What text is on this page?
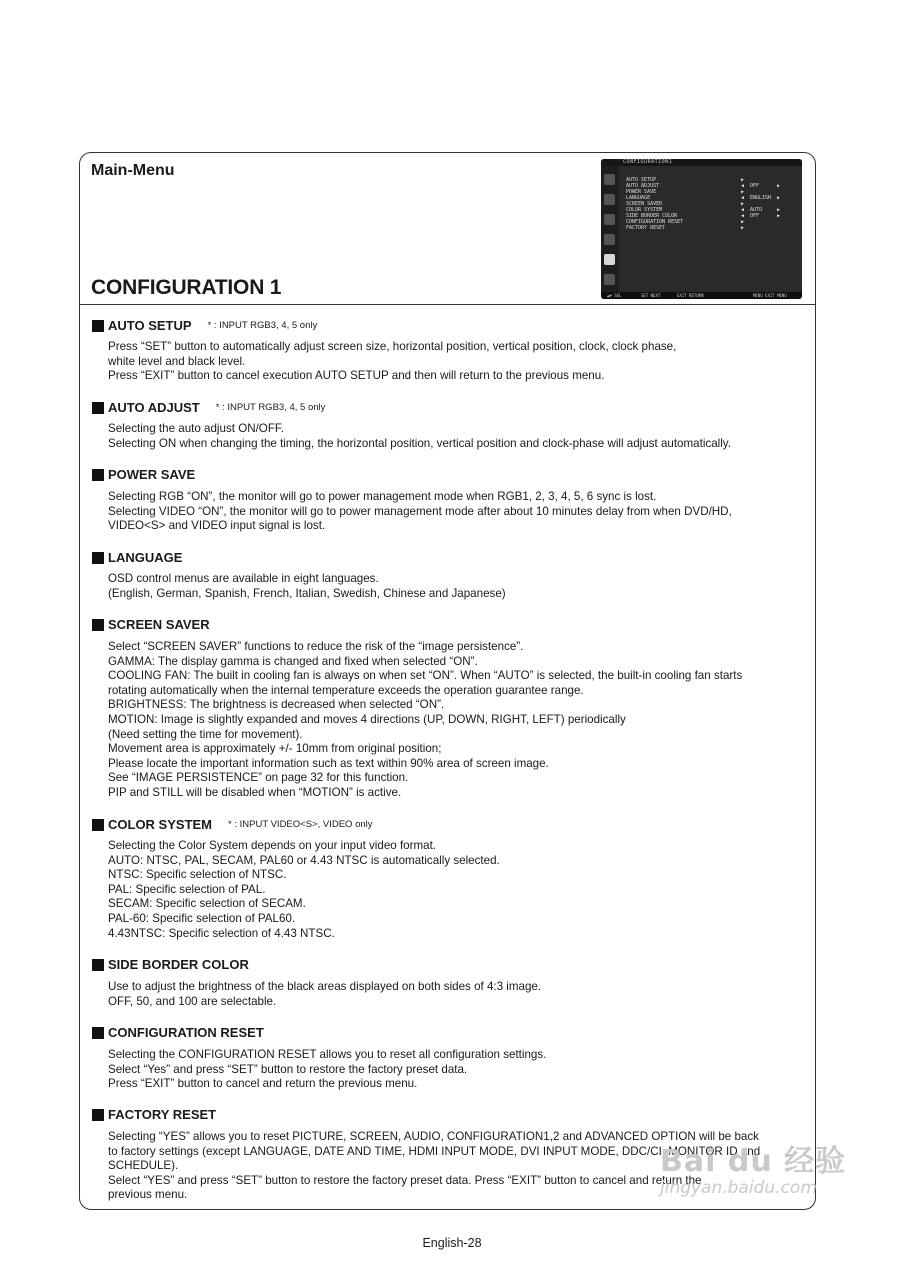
Main-Menu
CONFIGURATION 1
CONFIGURATION1
AUTO SETUP	▶
AUTO ADJUST	◀ OFF	▶
POWER SAVE	▶
LANGUAGE	◀ ENGLISH ▶
SCREEN SAVER	▶
COLOR SYSTEM	◀ AUTO	▶
SIDE BORDER COLOR	◀ OFF	▶
CONFIGURATION RESET	▶
FACTORY RESET	▶
▲▼ SEL	SET NEXT	EXIT RETURN	MENU EXIT MENU
AUTO SETUP * : INPUT RGB3, 4, 5 only

Press “SET” button to automatically adjust screen size, horizontal position, vertical position, clock, clock phase,

white level and black level.

Press “EXIT” button to cancel execution AUTO SETUP and then will return to the previous menu.

AUTO ADJUST * : INPUT RGB3, 4, 5 only

Selecting the auto adjust ON/OFF.

Selecting ON when changing the timing, the horizontal position, vertical position and clock-phase will adjust automatically.

POWER SAVE

Selecting RGB “ON”, the monitor will go to power management mode when RGB1, 2, 3, 4, 5, 6 sync is lost.

Selecting VIDEO “ON”, the monitor will go to power management mode after about 10 minutes delay from when DVD/HD,

VIDEO<S> and VIDEO input signal is lost.

LANGUAGE

OSD control menus are available in eight languages.

(English, German, Spanish, French, Italian, Swedish, Chinese and Japanese)

SCREEN SAVER

Select “SCREEN SAVER” functions to reduce the risk of the “image persistence”.

GAMMA: The display gamma is changed and fixed when selected “ON”.

COOLING FAN: The built in cooling fan is always on when set “ON”. When “AUTO” is selected, the built-in cooling fan starts

rotating automatically when the internal temperature exceeds the operation guarantee range.

BRIGHTNESS: The brightness is decreased when selected “ON”.

MOTION: Image is slightly expanded and moves 4 directions (UP, DOWN, RIGHT, LEFT) periodically

(Need setting the time for movement).

Movement area is approximately +/- 10mm from original position;

Please locate the important information such as text within 90% area of screen image.

See “IMAGE PERSISTENCE” on page 32 for this function.

PIP and STILL will be disabled when “MOTION” is active.

COLOR SYSTEM * : INPUT VIDEO<S>, VIDEO only

Selecting the Color System depends on your input video format.

AUTO: NTSC, PAL, SECAM, PAL60 or 4.43 NTSC is automatically selected.

NTSC: Specific selection of NTSC.

PAL: Specific selection of PAL.

SECAM: Specific selection of SECAM.

PAL-60: Specific selection of PAL60.

4.43NTSC: Specific selection of 4.43 NTSC.

SIDE BORDER COLOR

Use to adjust the brightness of the black areas displayed on both sides of 4:3 image.

OFF, 50, and 100 are selectable.

CONFIGURATION RESET

Selecting the CONFIGURATION RESET allows you to reset all configuration settings.

Select “Yes” and press “SET” button to restore the factory preset data.

Press “EXIT” button to cancel and return the previous menu.

FACTORY RESET

Selecting “YES” allows you to reset PICTURE, SCREEN, AUDIO, CONFIGURATION1,2 and ADVANCED OPTION will be back

to factory settings (except LANGUAGE, DATE AND TIME, HDMI INPUT MODE, DVI INPUT MODE, DDC/CI, MONITOR ID and

SCHEDULE).

Select “YES” and press “SET” button to restore the factory preset data. Press “EXIT” button to cancel and return the

previous menu.

Bai du 经验
jingyan.baidu.com
English-28
